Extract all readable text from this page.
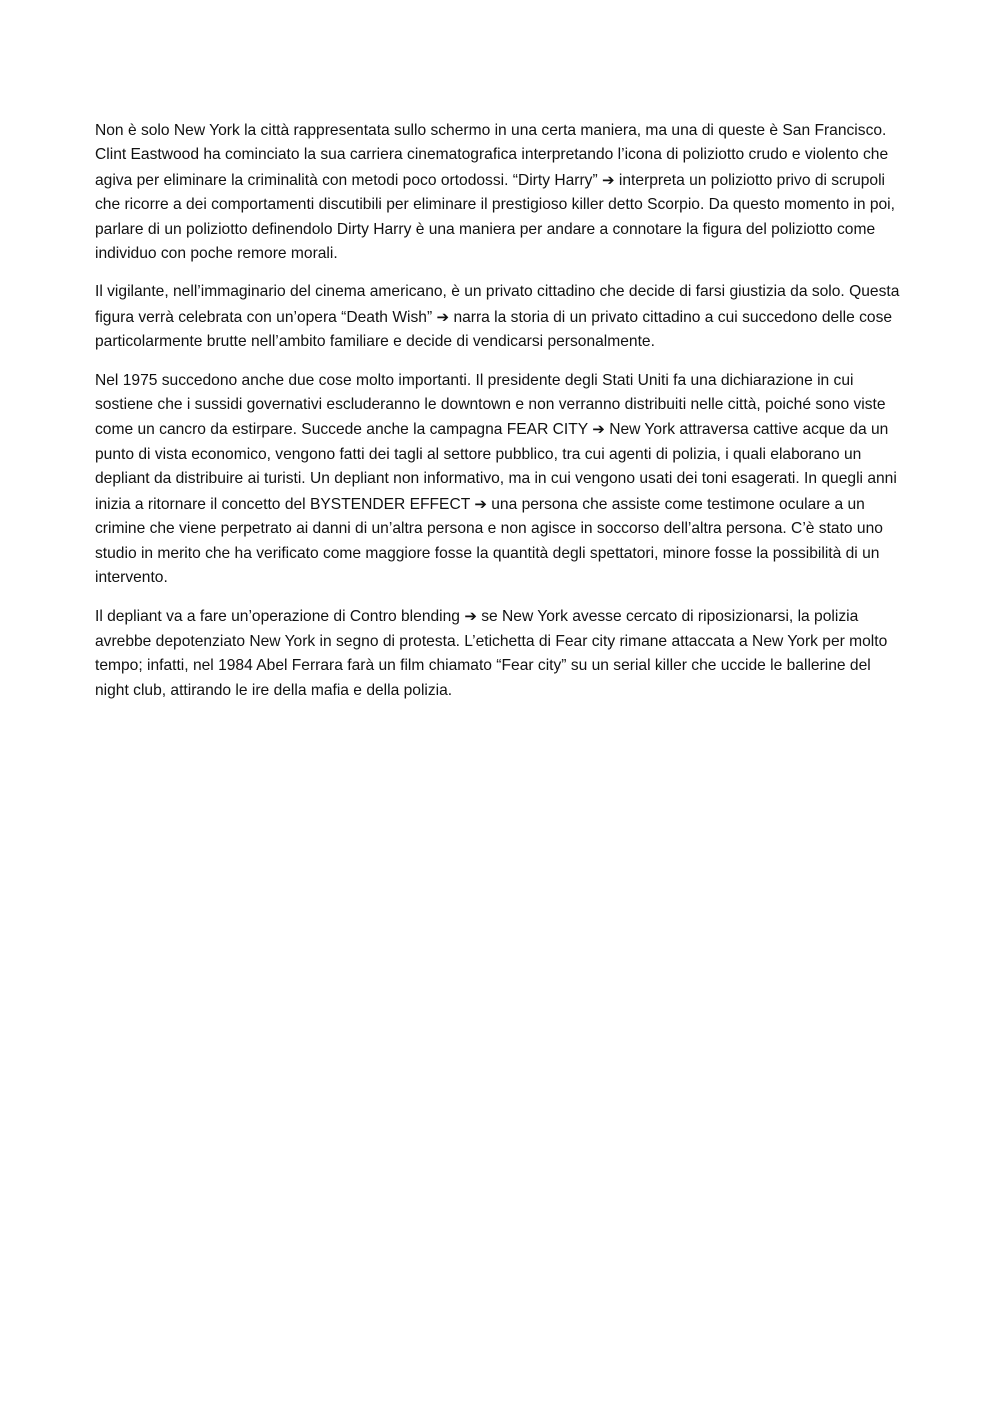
Non è solo New York la città rappresentata sullo schermo in una certa maniera, ma una di queste è San Francisco. Clint Eastwood ha cominciato la sua carriera cinematografica interpretando l’icona di poliziotto crudo e violento che agiva per eliminare la criminalità con metodi poco ortodossi. “Dirty Harry” ➔ interpreta un poliziotto privo di scrupoli che ricorre a dei comportamenti discutibili per eliminare il prestigioso killer detto Scorpio. Da questo momento in poi, parlare di un poliziotto definendolo Dirty Harry è una maniera per andare a connotare la figura del poliziotto come individuo con poche remore morali.

Il vigilante, nell’immaginario del cinema americano, è un privato cittadino che decide di farsi giustizia da solo. Questa figura verrà celebrata con un’opera “Death Wish” ➔ narra la storia di un privato cittadino a cui succedono delle cose particolarmente brutte nell’ambito familiare e decide di vendicarsi personalmente.

Nel 1975 succedono anche due cose molto importanti. Il presidente degli Stati Uniti fa una dichiarazione in cui sostiene che i sussidi governativi escluderanno le downtown e non verranno distribuiti nelle città, poiché sono viste come un cancro da estirpare. Succede anche la campagna FEAR CITY ➔ New York attraversa cattive acque da un punto di vista economico, vengono fatti dei tagli al settore pubblico, tra cui agenti di polizia, i quali elaborano un depliant da distribuire ai turisti. Un depliant non informativo, ma in cui vengono usati dei toni esagerati. In quegli anni inizia a ritornare il concetto del BYSTENDER EFFECT ➔ una persona che assiste come testimone oculare a un crimine che viene perpetrato ai danni di un’altra persona e non agisce in soccorso dell’altra persona. C’è stato uno studio in merito che ha verificato come maggiore fosse la quantità degli spettatori, minore fosse la possibilità di un intervento.

Il depliant va a fare un’operazione di Contro blending ➔ se New York avesse cercato di riposizionarsi, la polizia avrebbe depotenziato New York in segno di protesta. L’etichetta di Fear city rimane attaccata a New York per molto tempo; infatti, nel 1984 Abel Ferrara farà un film chiamato “Fear city” su un serial killer che uccide le ballerine del night club, attirando le ire della mafia e della polizia.
